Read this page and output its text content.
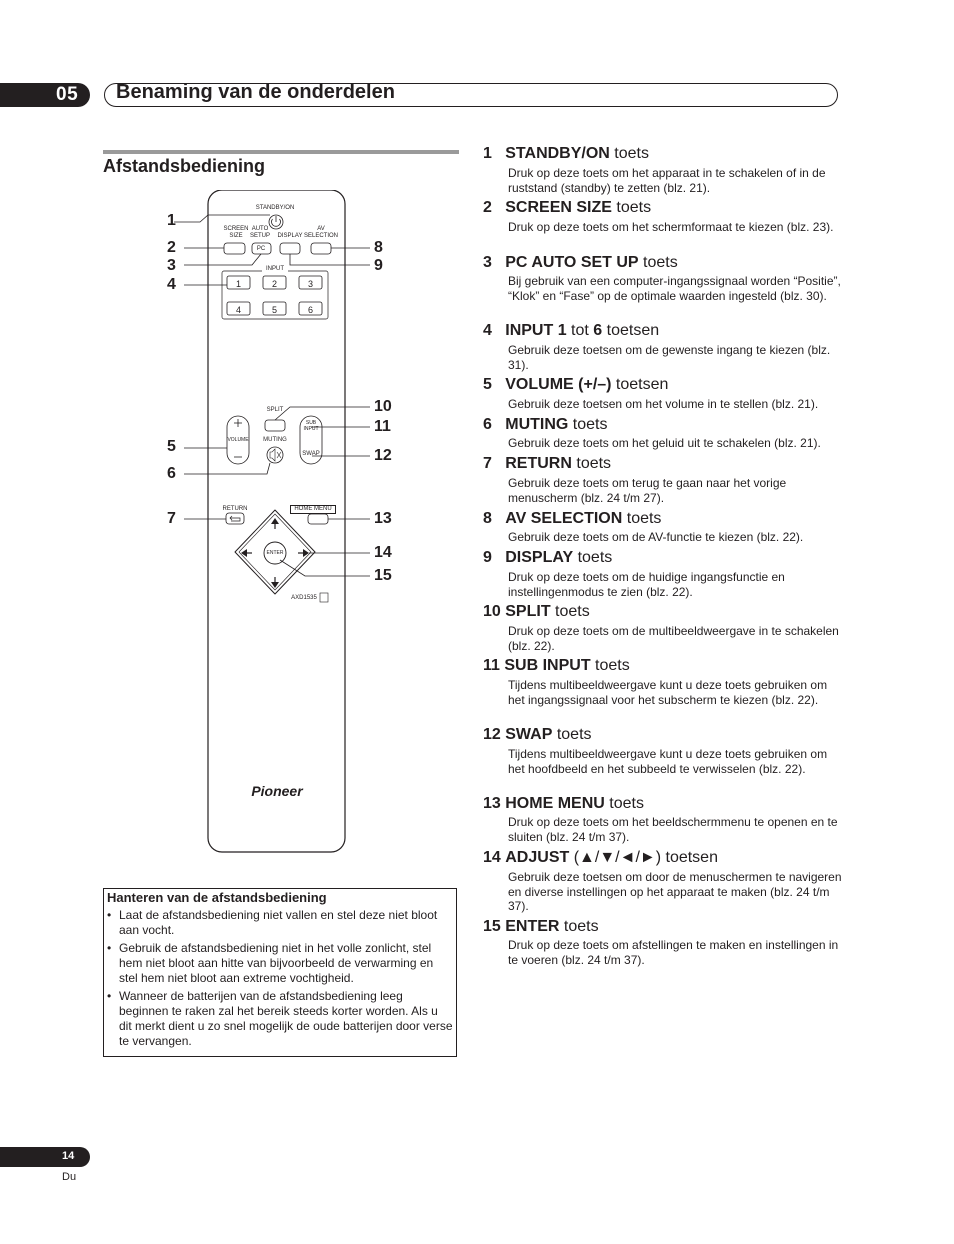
05 Benaming van de onderdelen
Afstandsbediening
Pioneer
STANDBY/ON
SCREEN
SIZE
AUTO
SETUP
PC
DISPLAY
AV
SELECTION
INPUT
1	2	3
4	5	6
SPLIT
SUB
INPUT
VOLUME	MUTING
SWAP
RETURN	HOME MENU
ENTER
AXD1535
1
2
3
4
5
6
7
8
9
10
11
12
13
14
15
1 STANDBY/ON toets
Druk op deze toets om het apparaat in te schakelen of in de ruststand (standby) te zetten (blz. 21).
2 SCREEN SIZE toets
Druk op deze toets om het schermformaat te kiezen (blz. 23).
3 PC AUTO SET UP toets
Bij gebruik van een computer-ingangssignaal worden “Positie”, “Klok” en “Fase” op de optimale waarden ingesteld (blz. 30).
4 INPUT 1 tot 6 toetsen
Gebruik deze toetsen om de gewenste ingang te kiezen (blz. 31).
5 VOLUME (+/–) toetsen
Gebruik deze toetsen om het volume in te stellen (blz. 21).
6 MUTING toets
Gebruik deze toets om het geluid uit te schakelen (blz. 21).
7 RETURN toets
Gebruik deze toets om terug te gaan naar het vorige menuscherm (blz. 24 t/m 27).
8 AV SELECTION toets
Gebruik deze toets om de AV-functie te kiezen (blz. 22).
9 DISPLAY toets
Druk op deze toets om de huidige ingangsfunctie en instellingenmodus te zien (blz. 22).
10 SPLIT toets
Druk op deze toets om de multibeeldweergave in te schakelen (blz. 22).
11 SUB INPUT toets
Tijdens multibeeldweergave kunt u deze toets gebruiken om het ingangssignaal voor het subscherm te kiezen (blz. 22).
12 SWAP toets
Tijdens multibeeldweergave kunt u deze toets gebruiken om het hoofdbeeld en het subbeeld te verwisselen (blz. 22).
13 HOME MENU toets
Druk op deze toets om het beeldschermmenu te openen en te sluiten (blz. 24 t/m 37).
14 ADJUST (▲/▼/◄/►) toetsen
Gebruik deze toetsen om door de menuschermen te navigeren en diverse instellingen op het apparaat te maken (blz. 24 t/m 37).
15 ENTER toets
Druk op deze toets om afstellingen te maken en instellingen in te voeren (blz. 24 t/m 37).
Hanteren van de afstandsbediening
• Laat de afstandsbediening niet vallen en stel deze niet bloot aan vocht.
• Gebruik de afstandsbediening niet in het volle zonlicht, stel hem niet bloot aan hitte van bijvoorbeeld de verwarming en stel hem niet bloot aan extreme vochtigheid.
• Wanneer de batterijen van de afstandsbediening leeg beginnen te raken zal het bereik steeds korter worden. Als u dit merkt dient u zo snel mogelijk de oude batterijen door verse te vervangen.
14
Du
